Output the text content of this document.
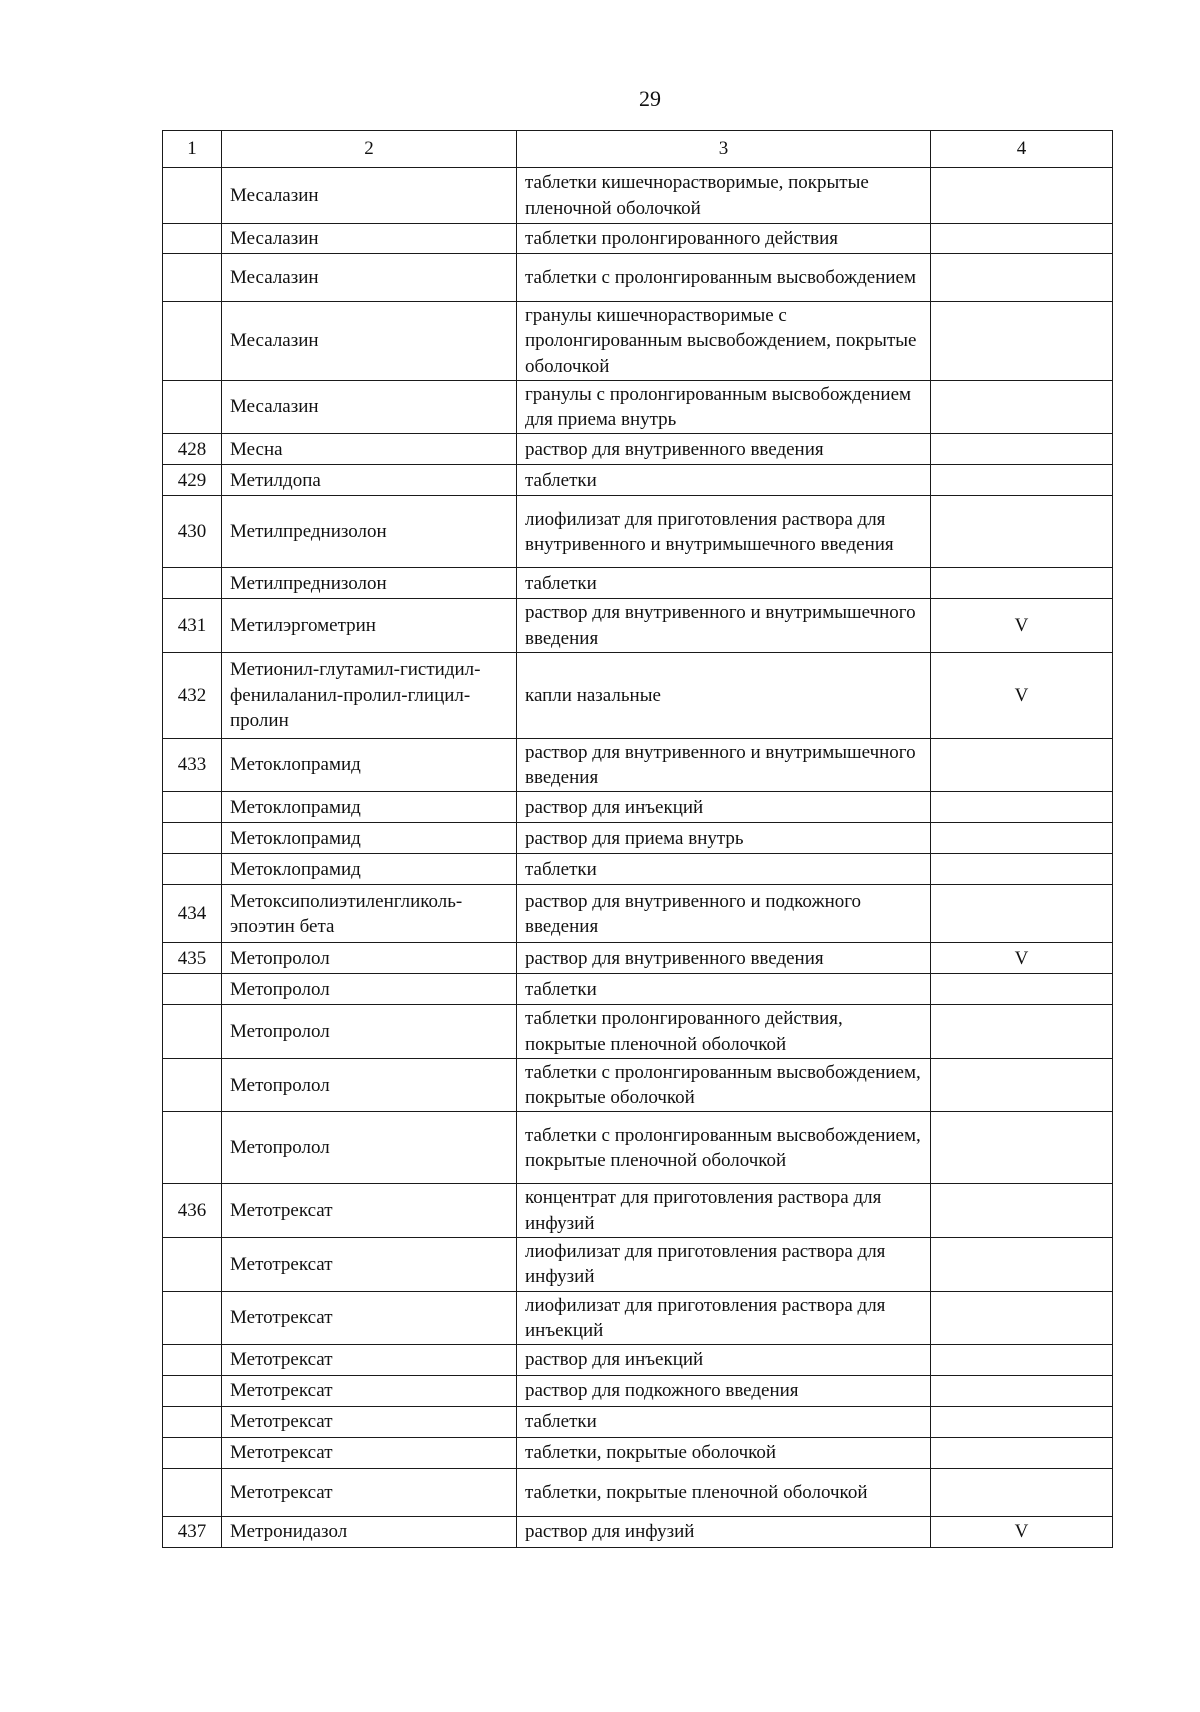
29
1	2	3	4
	Месалазин	таблетки кишечнорастворимые, покрытые пленочной оболочкой	
	Месалазин	таблетки пролонгированного действия	
	Месалазин	таблетки с пролонгированным высвобождением	
	Месалазин	гранулы кишечнорастворимые с пролонгированным высвобождением, покрытые оболочкой	
	Месалазин	гранулы с пролонгированным высвобождением для приема внутрь	
428	Месна	раствор для внутривенного введения	
429	Метилдопа	таблетки	
430	Метилпреднизолон	лиофилизат для приготовления раствора для внутривенного и внутримышечного введения	
	Метилпреднизолон	таблетки	
431	Метилэргометрин	раствор для внутривенного и внутримышечного введения	V
432	Метионил-глутамил-гистидил-фенилаланил-пролил-глицил-пролин	капли назальные	V
433	Метоклопрамид	раствор для внутривенного и внутримышечного введения	
	Метоклопрамид	раствор для инъекций	
	Метоклопрамид	раствор для приема внутрь	
	Метоклопрамид	таблетки	
434	Метоксиполиэтиленгликоль-эпоэтин бета	раствор для внутривенного и подкожного введения	
435	Метопролол	раствор для внутривенного введения	V
	Метопролол	таблетки	
	Метопролол	таблетки пролонгированного действия, покрытые пленочной оболочкой	
	Метопролол	таблетки с пролонгированным высвобождением, покрытые оболочкой	
	Метопролол	таблетки с пролонгированным высвобождением, покрытые пленочной оболочкой	
436	Метотрексат	концентрат для приготовления раствора для инфузий	
	Метотрексат	лиофилизат для приготовления раствора для инфузий	
	Метотрексат	лиофилизат для приготовления раствора для инъекций	
	Метотрексат	раствор для инъекций	
	Метотрексат	раствор для подкожного введения	
	Метотрексат	таблетки	
	Метотрексат	таблетки, покрытые оболочкой	
	Метотрексат	таблетки, покрытые пленочной оболочкой	
437	Метронидазол	раствор для инфузий	V
